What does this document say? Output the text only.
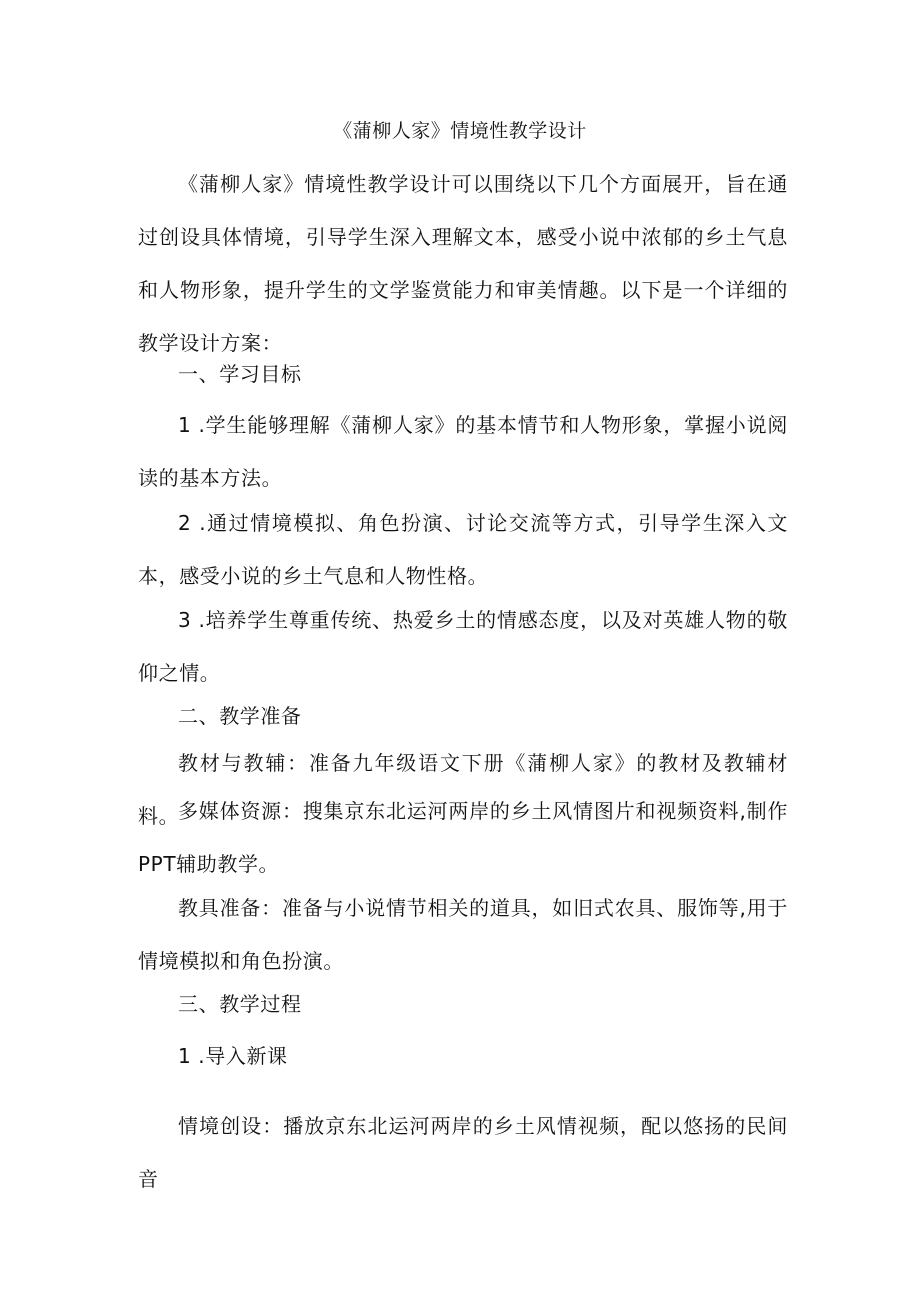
《蒲柳人家》情境性教学设计

《蒲柳人家》情境性教学设计可以围绕以下几个方面展开，旨在通过创设具体情境，引导学生深入理解文本，感受小说中浓郁的乡土气息和人物形象，提升学生的文学鉴赏能力和审美情趣。以下是一个详细的教学设计方案：

一、学习目标

1 .学生能够理解《蒲柳人家》的基本情节和人物形象，掌握小说阅读的基本方法。

2 .通过情境模拟、角色扮演、讨论交流等方式，引导学生深入文本，感受小说的乡土气息和人物性格。

3 .培养学生尊重传统、热爱乡土的情感态度，以及对英雄人物的敬仰之情。

二、教学准备

教材与教辅：准备九年级语文下册《蒲柳人家》的教材及教辅材料。

多媒体资源：搜集京东北运河两岸的乡土风情图片和视频资料,制作PPT辅助教学。

教具准备：准备与小说情节相关的道具，如旧式农具、服饰等,用于情境模拟和角色扮演。

三、教学过程

1 .导入新课

情境创设：播放京东北运河两岸的乡土风情视频，配以悠扬的民间音
